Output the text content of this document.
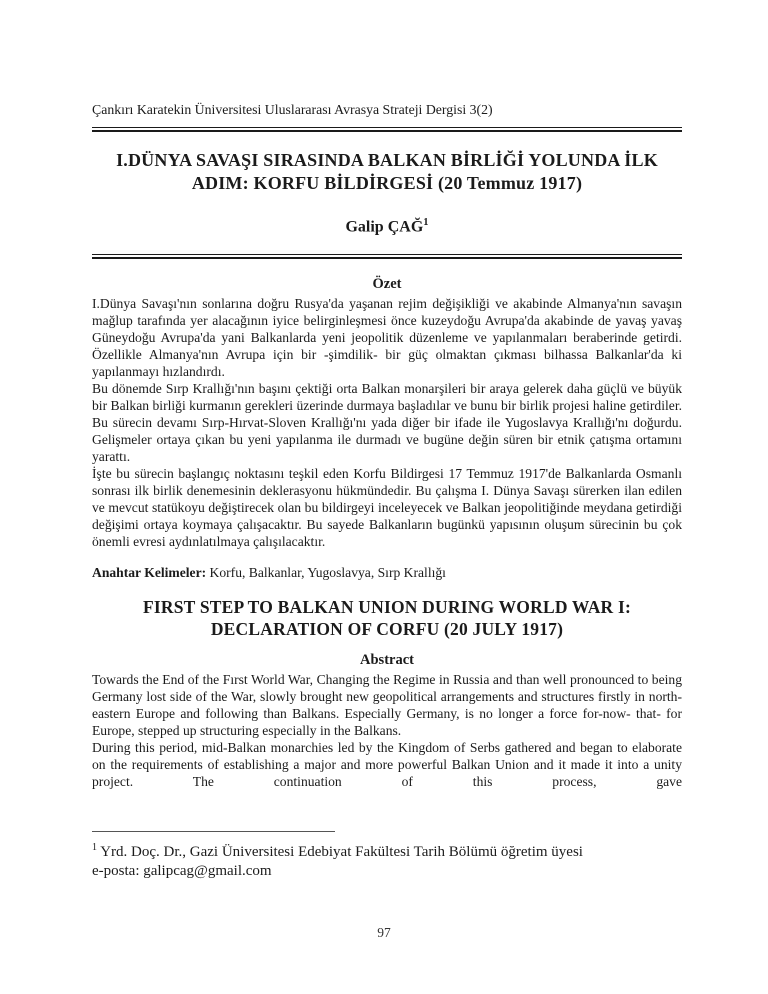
Çankırı Karatekin Üniversitesi Uluslararası Avrasya Strateji Dergisi 3(2)
I.DÜNYA SAVAŞI SIRASINDA BALKAN BİRLİĞİ YOLUNDA İLK
ADIM: KORFU BİLDİRGESİ (20 Temmuz 1917)
Galip ÇAĞ$^1$
Özet

I.Dünya Savaşı'nın sonlarına doğru Rusya'da yaşanan rejim değişikliği ve akabinde Almanya'nın savaşın mağlup tarafında yer alacağının iyice belirginleşmesi önce kuzeydoğu Avrupa'da akabinde de yavaş yavaş Güneydoğu Avrupa'da yani Balkanlarda yeni jeopolitik düzenleme ve yapılanmaları beraberinde getirdi. Özellikle Almanya'nın Avrupa için bir -şimdilik- bir güç olmaktan çıkması bilhassa Balkanlar'da ki yapılanmayı hızlandırdı.

Bu dönemde Sırp Krallığı'nın başını çektiği orta Balkan monarşileri bir araya gelerek daha güçlü ve büyük bir Balkan birliği kurmanın gerekleri üzerinde durmaya başladılar ve bunu bir birlik projesi haline getirdiler. Bu sürecin devamı Sırp-Hırvat-Sloven Krallığı'nı yada diğer bir ifade ile Yugoslavya Krallığı'nı doğurdu. Gelişmeler ortaya çıkan bu yeni yapılanma ile durmadı ve bugüne değin süren bir etnik çatışma ortamını yarattı.

İşte bu sürecin başlangıç noktasını teşkil eden Korfu Bildirgesi 17 Temmuz 1917'de Balkanlarda Osmanlı sonrası ilk birlik denemesinin deklerasyonu hükmündedir. Bu çalışma I. Dünya Savaşı sürerken ilan edilen ve mevcut statükoyu değiştirecek olan bu bildirgeyi inceleyecek ve Balkan jeopolitiğinde meydana getirdiği değişimi ortaya koymaya çalışacaktır. Bu sayede Balkanların bugünkü yapısının oluşum sürecinin bu çok önemli evresi aydınlatılmaya çalışılacaktır.

Anahtar Kelimeler: Korfu, Balkanlar, Yugoslavya, Sırp Krallığı

FIRST STEP TO BALKAN UNION DURING WORLD WAR I:
DECLARATION OF CORFU (20 JULY 1917)
Abstract

Towards the End of the Fırst World War, Changing the Regime in Russia and than well pronounced to being Germany lost side of the War, slowly brought new geopolitical arrangements and structures firstly in north-eastern Europe and following than Balkans. Especially Germany, is no longer a force for-now- that- for Europe, stepped up structuring especially in the Balkans.

During this period, mid-Balkan monarchies led by the Kingdom of Serbs gathered and began to elaborate on the requirements of establishing a major and more powerful Balkan Union and it made it into a unity project. The continuation of this process, gave

$^1$ Yrd. Doç. Dr., Gazi Üniversitesi Edebiyat Fakültesi Tarih Bölümü öğretim üyesi

e-posta: galipcag@gmail.com

97
